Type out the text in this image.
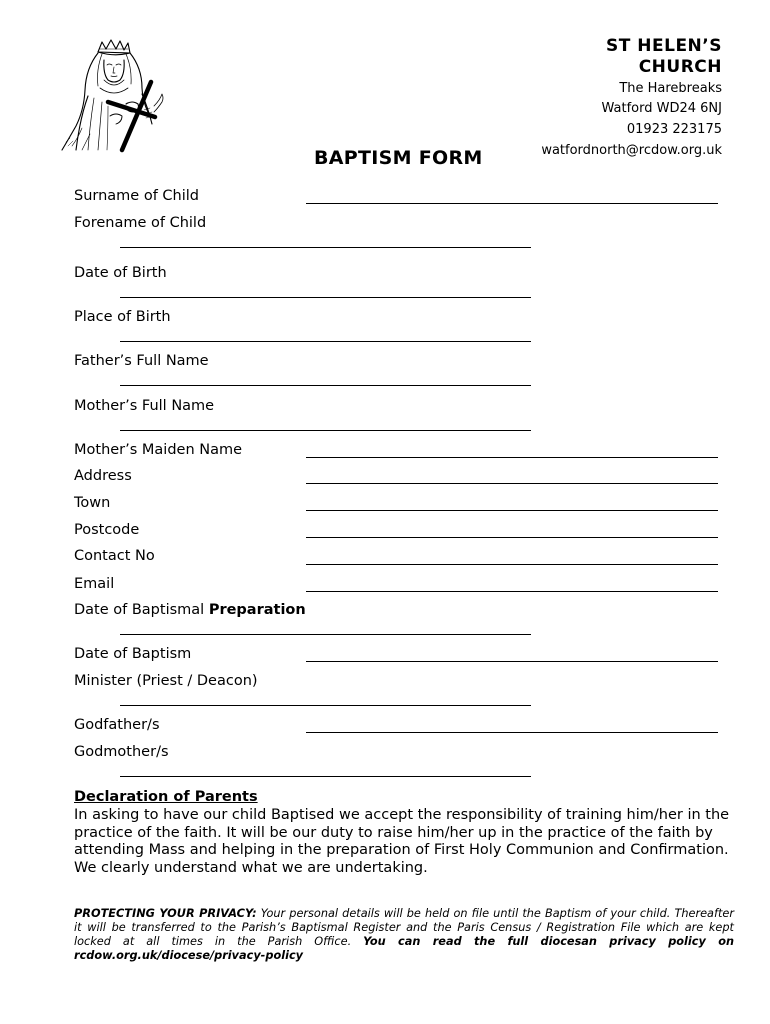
ST HELEN’S
CHURCH
The Harebreaks
Watford WD24 6NJ
01923 223175
watfordnorth@rcdow.org.uk
BAPTISM FORM
Surname of Child
Forename of Child
Date of Birth
Place of Birth
Father’s Full Name
Mother’s Full Name
Mother’s Maiden Name
Address
Town
Postcode
Contact No
Email
Date of Baptismal Preparation
Date of Baptism
Minister (Priest / Deacon)
Godfather/s
Godmother/s
Declaration of Parents
In asking to have our child Baptised we accept the responsibility of training him/her in the practice of the faith. It will be our duty to raise him/her up in the practice of the faith by attending Mass and helping in the preparation of First Holy Communion and Confirmation. We clearly understand what we are undertaking.
PROTECTING YOUR PRIVACY: Your personal details will be held on file until the Baptism of your child. Thereafter it will be transferred to the Parish’s Baptismal Register and the Paris Census / Registration File which are kept locked at all times in the Parish Office. You can read the full diocesan privacy policy on rcdow.org.uk/diocese/privacy-policy
